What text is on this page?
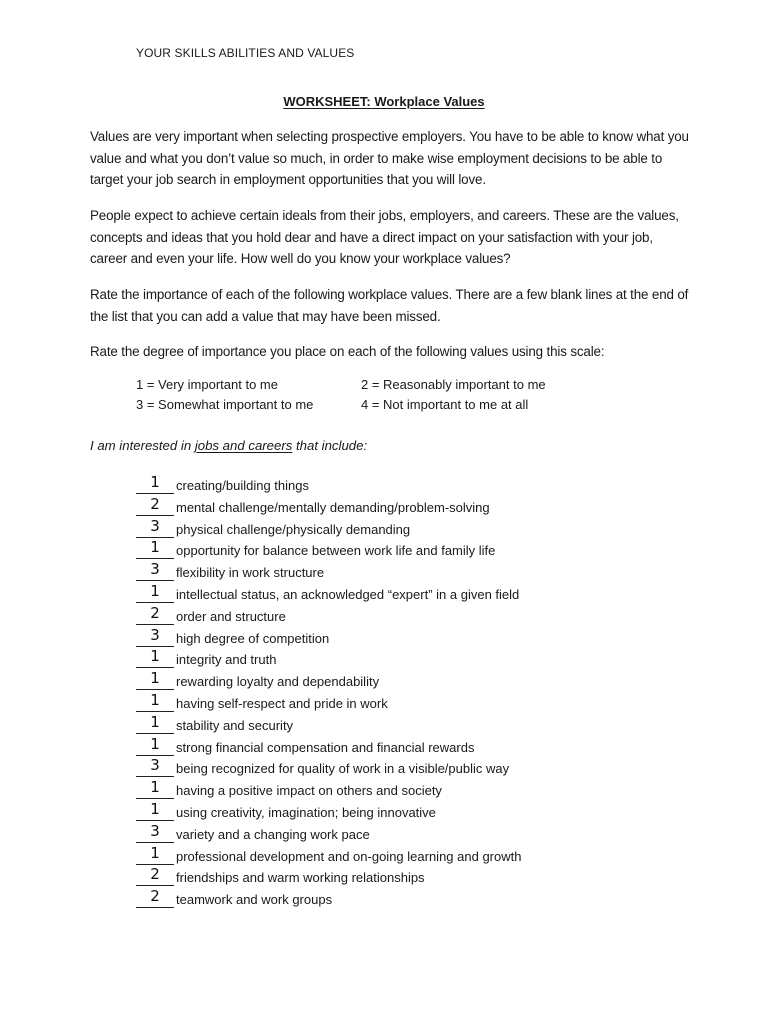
YOUR SKILLS ABILITIES AND VALUES
WORKSHEET: Workplace Values
Values are very important when selecting prospective employers. You have to be able to know what you value and what you don’t value so much, in order to make wise employment decisions to be able to target your job search in employment opportunities that you will love.
People expect to achieve certain ideals from their jobs, employers, and careers. These are the values, concepts and ideas that you hold dear and have a direct impact on your satisfaction with your job, career and even your life. How well do you know your workplace values?
Rate the importance of each of the following workplace values. There are a few blank lines at the end of the list that you can add a value that may have been missed.
Rate the degree of importance you place on each of the following values using this scale:
1 = Very important to me	2 = Reasonably important to me
3 = Somewhat important to me	4 = Not important to me at all
I am interested in jobs and careers that include:
1	creating/building things
2	mental challenge/mentally demanding/problem-solving
3	physical challenge/physically demanding
1	opportunity for balance between work life and family life
3	flexibility in work structure
1	intellectual status, an acknowledged “expert” in a given field
2	order and structure
3	high degree of competition
1	integrity and truth
1	rewarding loyalty and dependability
1	having self-respect and pride in work
1	stability and security
1	strong financial compensation and financial rewards
3	being recognized for quality of work in a visible/public way
1	having a positive impact on others and society
1	using creativity, imagination; being innovative
3	variety and a changing work pace
1	professional development and on-going learning and growth
2	friendships and warm working relationships
2	teamwork and work groups
